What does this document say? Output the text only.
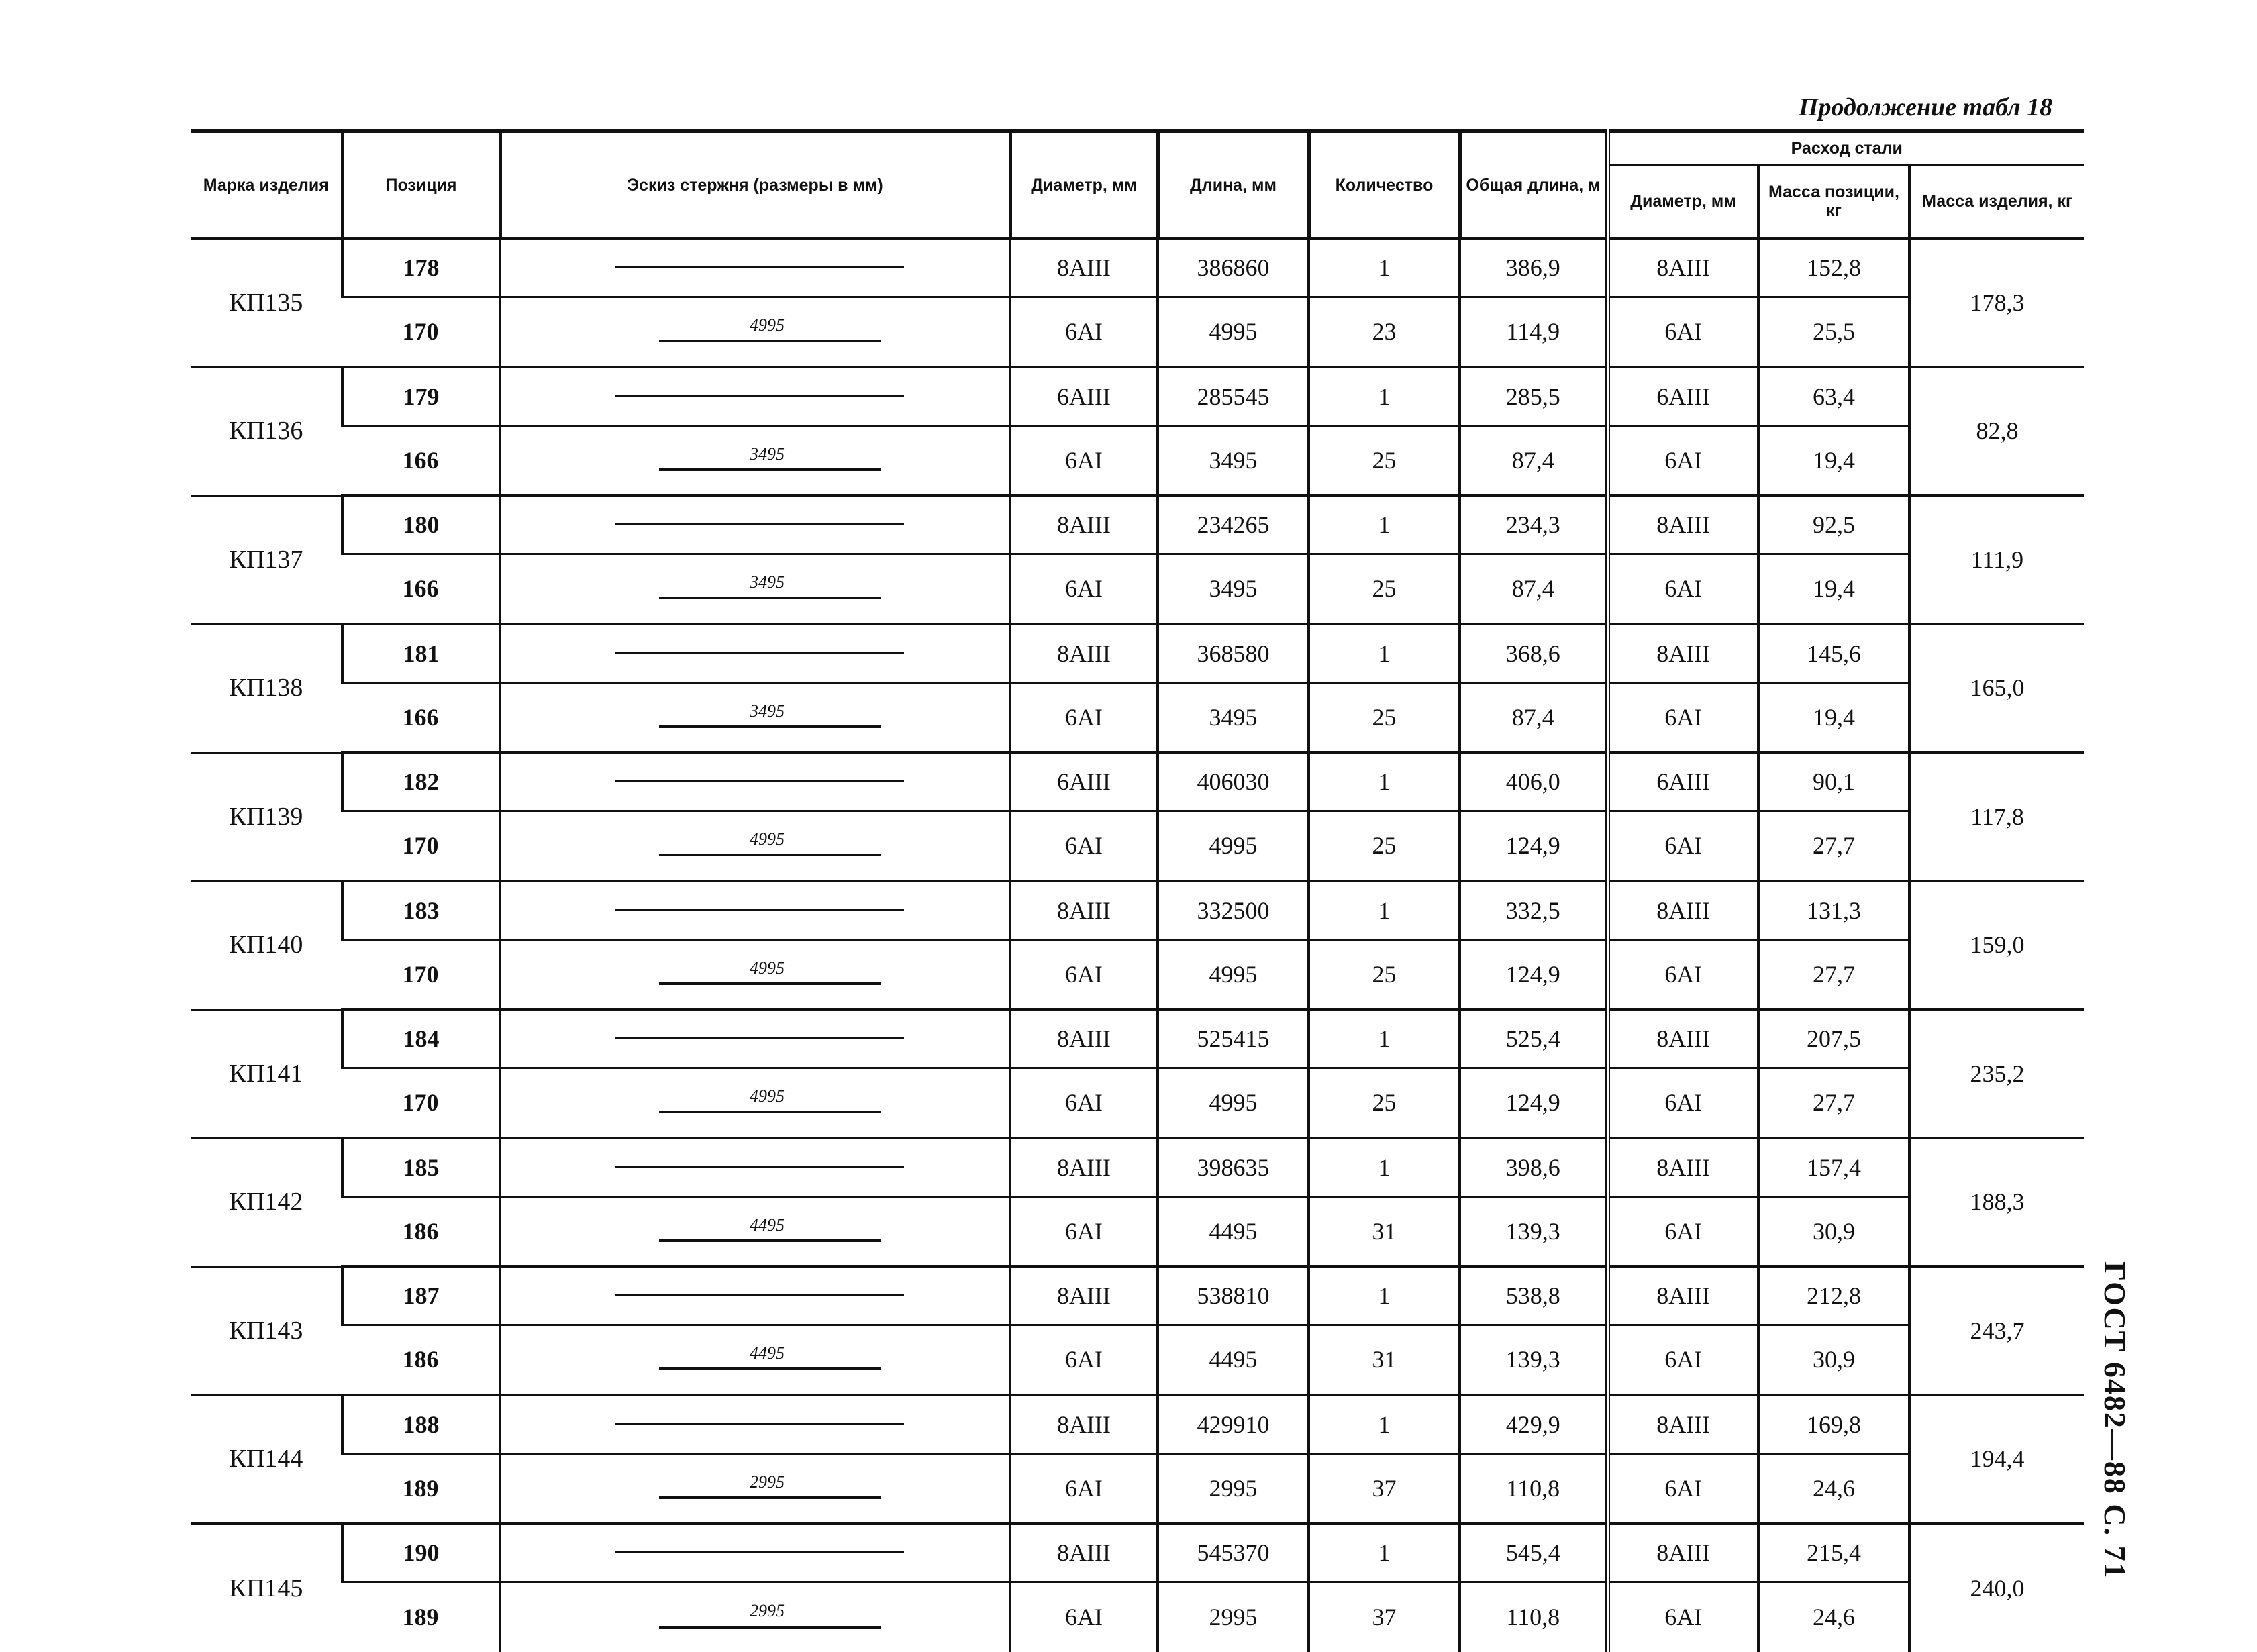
Продолжение табл 18
Марка изделия	Позиция	Эскиз стержня (размеры в мм)	Диаметр, мм	Длина, мм	Количество	Общая длина, м	Расход стали		
							Диаметр, мм	Масса позиции, кг	Масса изделия, кг
КП135	178		8AIII	386860	1	386,9	8AIII	152,8	178,3
	170	4995	6AI	4995	23	114,9	6AI	25,5	
КП136	179		6AIII	285545	1	285,5	6AIII	63,4	82,8
	166	3495	6AI	3495	25	87,4	6AI	19,4	
КП137	180		8AIII	234265	1	234,3	8AIII	92,5	111,9
	166	3495	6AI	3495	25	87,4	6AI	19,4	
КП138	181		8AIII	368580	1	368,6	8AIII	145,6	165,0
	166	3495	6AI	3495	25	87,4	6AI	19,4	
КП139	182		6AIII	406030	1	406,0	6AIII	90,1	117,8
	170	4995	6AI	4995	25	124,9	6AI	27,7	
КП140	183		8AIII	332500	1	332,5	8AIII	131,3	159,0
	170	4995	6AI	4995	25	124,9	6AI	27,7	
КП141	184		8AIII	525415	1	525,4	8AIII	207,5	235,2
	170	4995	6AI	4995	25	124,9	6AI	27,7	
КП142	185		8AIII	398635	1	398,6	8AIII	157,4	188,3
	186	4495	6AI	4495	31	139,3	6AI	30,9	
КП143	187		8AIII	538810	1	538,8	8AIII	212,8	243,7
	186	4495	6AI	4495	31	139,3	6AI	30,9	
КП144	188		8AIII	429910	1	429,9	8AIII	169,8	194,4
	189	2995	6AI	2995	37	110,8	6AI	24,6	
КП145	190		8AIII	545370	1	545,4	8AIII	215,4	240,0
	189	2995	6AI	2995	37	110,8	6AI	24,6	
ГОСТ 6482—88 С. 71
